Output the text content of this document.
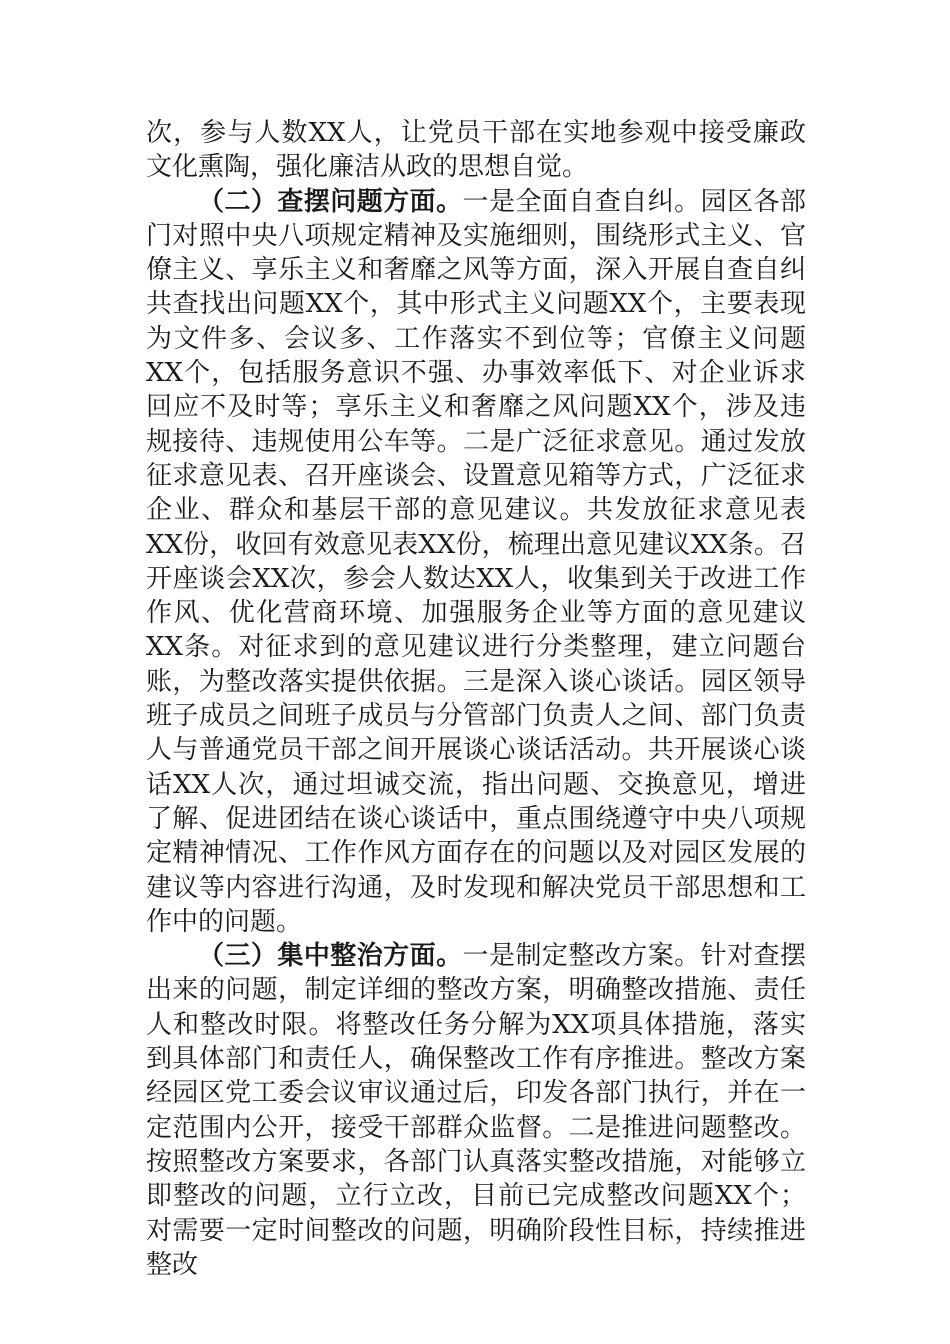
次，参与人数XX人，让党员干部在实地参观中接受廉政文化熏陶，强化廉洁从政的思想自觉。

（二）查摆问题方面。一是全面自查自纠。园区各部门对照中央八项规定精神及实施细则，围绕形式主义、官僚主义、享乐主义和奢靡之风等方面，深入开展自查自纠共查找出问题XX个，其中形式主义问题XX个，主要表现为文件多、会议多、工作落实不到位等；官僚主义问题XX个，包括服务意识不强、办事效率低下、对企业诉求回应不及时等；享乐主义和奢靡之风问题XX个，涉及违规接待、违规使用公车等。二是广泛征求意见。通过发放征求意见表、召开座谈会、设置意见箱等方式，广泛征求企业、群众和基层干部的意见建议。共发放征求意见表XX份，收回有效意见表XX份，梳理出意见建议XX条。召开座谈会XX次，参会人数达XX人，收集到关于改进工作作风、优化营商环境、加强服务企业等方面的意见建议XX条。对征求到的意见建议进行分类整理，建立问题台账，为整改落实提供依据。三是深入谈心谈话。园区领导班子成员之间班子成员与分管部门负责人之间、部门负责人与普通党员干部之间开展谈心谈话活动。共开展谈心谈话XX人次，通过坦诚交流，指出问题、交换意见，增进了解、促进团结在谈心谈话中，重点围绕遵守中央八项规定精神情况、工作作风方面存在的问题以及对园区发展的建议等内容进行沟通，及时发现和解决党员干部思想和工作中的问题。

（三）集中整治方面。一是制定整改方案。针对查摆出来的问题，制定详细的整改方案，明确整改措施、责任人和整改时限。将整改任务分解为XX项具体措施，落实到具体部门和责任人，确保整改工作有序推进。整改方案经园区党工委会议审议通过后，印发各部门执行，并在一定范围内公开，接受干部群众监督。二是推进问题整改。按照整改方案要求，各部门认真落实整改措施，对能够立即整改的问题，立行立改，目前已完成整改问题XX个；对需要一定时间整改的问题，明确阶段性目标，持续推进整改
